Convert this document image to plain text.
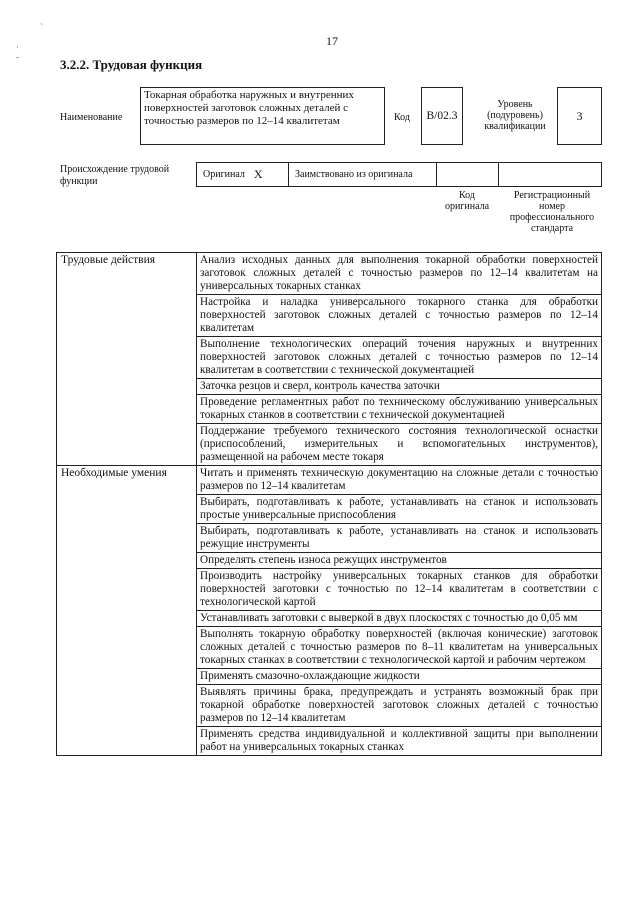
`
·
-
17
3.2.2. Трудовая функция
Наименование
Токарная обработка наружных и внутренних поверхностей заготовок сложных деталей с точностью размеров по 12–14 квалитетам	Код	B/02.3
Уровень (подуровень) квалификации
3
Происхождение трудовой функции
Оригинал X	Заимствовано из оригинала
Код оригинала
Регистрационный номер профессионального стандарта
Трудовые действия	Анализ исходных данных для выполнения токарной обработки поверхностей заготовок сложных деталей с точностью размеров по 12–14 квалитетам на универсальных токарных станках
	Настройка и наладка универсального токарного станка для обработки поверхностей заготовок сложных деталей с точностью размеров по 12–14 квалитетам
	Выполнение технологических операций точения наружных и внутренних поверхностей заготовок сложных деталей с точностью размеров по 12–14 квалитетам в соответствии с технической документацией
	Заточка резцов и сверл, контроль качества заточки
	Проведение регламентных работ по техническому обслуживанию универсальных токарных станков в соответствии с технической документацией
	Поддержание требуемого технического состояния технологической оснастки (приспособлений, измерительных и вспомогательных инструментов), размещенной на рабочем месте токаря
Необходимые умения	Читать и применять техническую документацию на сложные детали с точностью размеров по 12–14 квалитетам
	Выбирать, подготавливать к работе, устанавливать на станок и использовать простые универсальные приспособления
	Выбирать, подготавливать к работе, устанавливать на станок и использовать режущие инструменты
	Определять степень износа режущих инструментов
	Производить настройку универсальных токарных станков для обработки поверхностей заготовки с точностью по 12–14 квалитетам в соответствии с технологической картой
	Устанавливать заготовки с выверкой в двух плоскостях с точностью до 0,05 мм
	Выполнять токарную обработку поверхностей (включая конические) заготовок сложных деталей с точностью размеров по 8–11 квалитетам на универсальных токарных станках в соответствии с технологической картой и рабочим чертежом
	Применять смазочно-охлаждающие жидкости
	Выявлять причины брака, предупреждать и устранять возможный брак при токарной обработке поверхностей заготовок сложных деталей с точностью размеров по 12–14 квалитетам
	Применять средства индивидуальной и коллективной защиты при выполнении работ на универсальных токарных станках
